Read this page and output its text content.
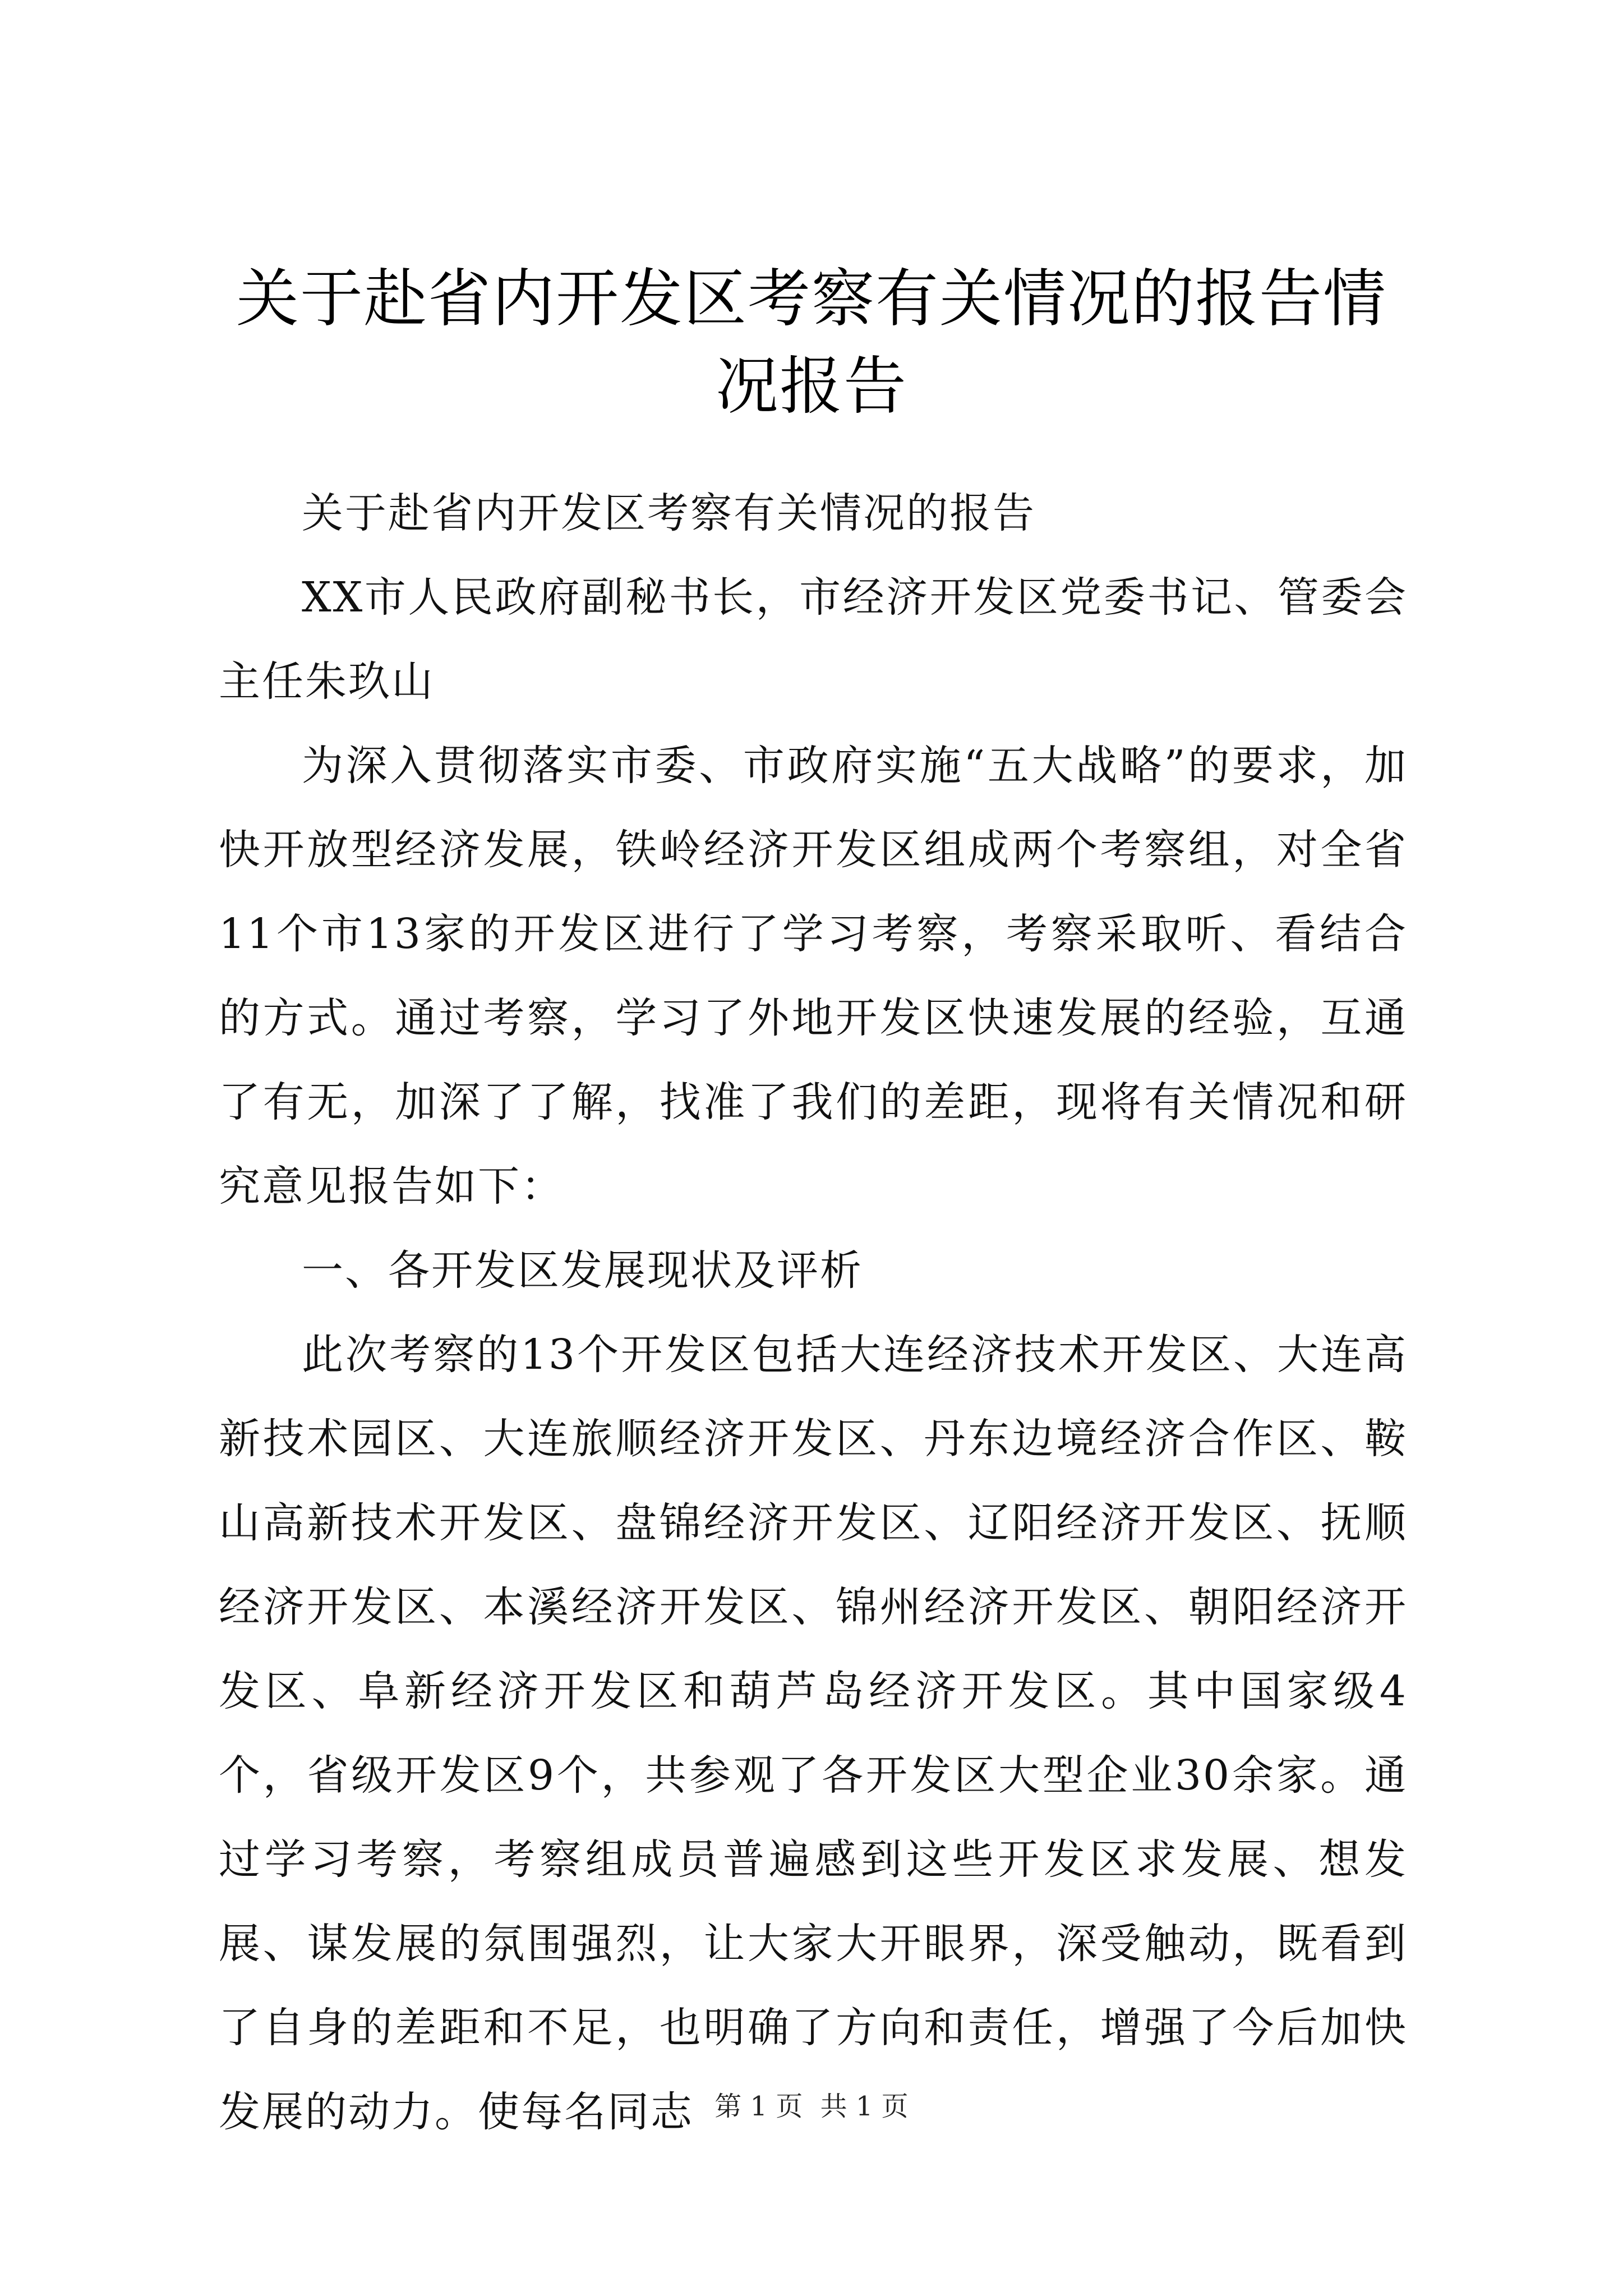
关于赴省内开发区考察有关情况的报告情况报告

关于赴省内开发区考察有关情况的报告

XX市人民政府副秘书长，市经济开发区党委书记、管委会主任朱玖山

为深入贯彻落实市委、市政府实施“五大战略”的要求，加快开放型经济发展，铁岭经济开发区组成两个考察组，对全省11个市13家的开发区进行了学习考察，考察采取听、看结合的方式。通过考察，学习了外地开发区快速发展的经验，互通了有无，加深了了解，找准了我们的差距，现将有关情况和研究意见报告如下：

一、各开发区发展现状及评析

此次考察的13个开发区包括大连经济技术开发区、大连高新技术园区、大连旅顺经济开发区、丹东边境经济合作区、鞍山高新技术开发区、盘锦经济开发区、辽阳经济开发区、抚顺经济开发区、本溪经济开发区、锦州经济开发区、朝阳经济开发区、阜新经济开发区和葫芦岛经济开发区。其中国家级4个，省级开发区9个，共参观了各开发区大型企业30余家。通过学习考察，考察组成员普遍感到这些开发区求发展、想发展、谋发展的氛围强烈，让大家大开眼界，深受触动，既看到了自身的差距和不足，也明确了方向和责任，增强了今后加快发展的动力。使每名同志 第 1 页 共 1 页
